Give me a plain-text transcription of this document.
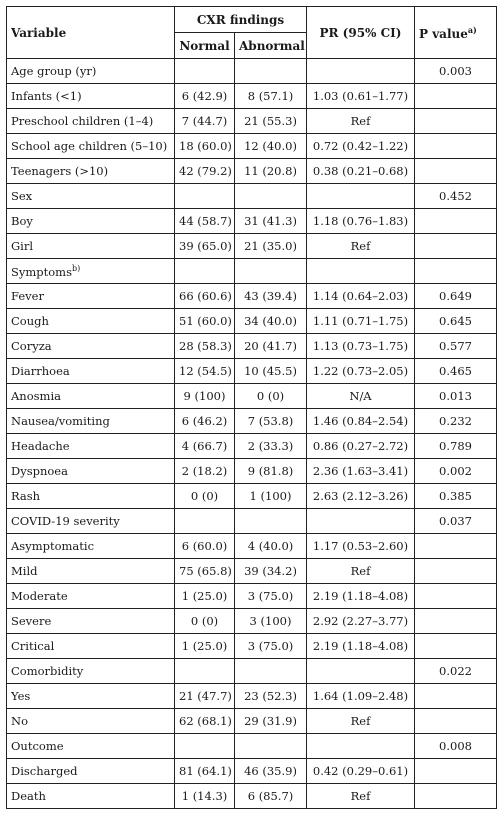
Variable	CXR findings		PR (95% CI)	P value$^{a)}$
	Normal	Abnormal		
Age group (yr)				0.003
Infants (<1)	6 (42.9)	8 (57.1)	1.03 (0.61–1.77)	
Preschool children (1–4)	7 (44.7)	21 (55.3)	Ref	
School age children (5–10)	18 (60.0)	12 (40.0)	0.72 (0.42–1.22)	
Teenagers (>10)	42 (79.2)	11 (20.8)	0.38 (0.21–0.68)	
Sex				0.452
Boy	44 (58.7)	31 (41.3)	1.18 (0.76–1.83)	
Girl	39 (65.0)	21 (35.0)	Ref	
Symptoms$^{b)}$				
Fever	66 (60.6)	43 (39.4)	1.14 (0.64–2.03)	0.649
Cough	51 (60.0)	34 (40.0)	1.11 (0.71–1.75)	0.645
Coryza	28 (58.3)	20 (41.7)	1.13 (0.73–1.75)	0.577
Diarrhoea	12 (54.5)	10 (45.5)	1.22 (0.73–2.05)	0.465
Anosmia	9 (100)	0 (0)	N/A	0.013
Nausea/vomiting	6 (46.2)	7 (53.8)	1.46 (0.84–2.54)	0.232
Headache	4 (66.7)	2 (33.3)	0.86 (0.27–2.72)	0.789
Dyspnoea	2 (18.2)	9 (81.8)	2.36 (1.63–3.41)	0.002
Rash	0 (0)	1 (100)	2.63 (2.12–3.26)	0.385
COVID-19 severity				0.037
Asymptomatic	6 (60.0)	4 (40.0)	1.17 (0.53–2.60)	
Mild	75 (65.8)	39 (34.2)	Ref	
Moderate	1 (25.0)	3 (75.0)	2.19 (1.18–4.08)	
Severe	0 (0)	3 (100)	2.92 (2.27–3.77)	
Critical	1 (25.0)	3 (75.0)	2.19 (1.18–4.08)	
Comorbidity				0.022
Yes	21 (47.7)	23 (52.3)	1.64 (1.09–2.48)	
No	62 (68.1)	29 (31.9)	Ref	
Outcome				0.008
Discharged	81 (64.1)	46 (35.9)	0.42 (0.29–0.61)	
Death	1 (14.3)	6 (85.7)	Ref	
